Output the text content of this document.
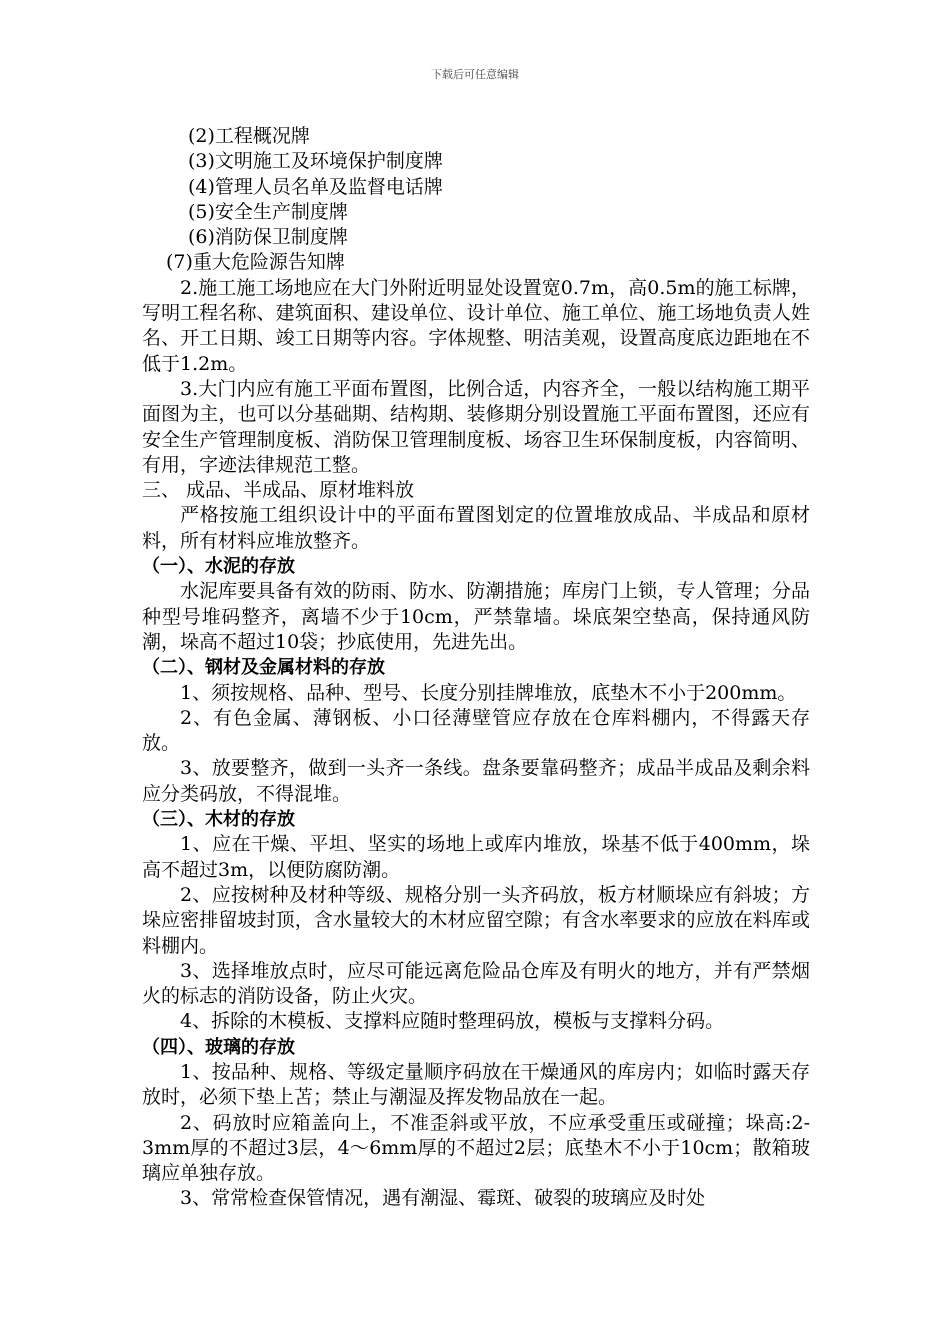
下载后可任意编辑
(2)工程概况牌
(3)文明施工及环境保护制度牌
(4)管理人员名单及监督电话牌
(5)安全生产制度牌
(6)消防保卫制度牌
(7)重大危险源告知牌
2.施工施工场地应在大门外附近明显处设置宽0.7m，高0.5m的施工标牌，写明工程名称、建筑面积、建设单位、设计单位、施工单位、施工场地负责人姓名、开工日期、竣工日期等内容。字体规整、明洁美观，设置高度底边距地在不低于1.2m。
3.大门内应有施工平面布置图，比例合适，内容齐全，一般以结构施工期平面图为主，也可以分基础期、结构期、装修期分别设置施工平面布置图，还应有安全生产管理制度板、消防保卫管理制度板、场容卫生环保制度板，内容简明、有用，字迹法律规范工整。
三、 成品、半成品、原材堆料放
严格按施工组织设计中的平面布置图划定的位置堆放成品、半成品和原材料，所有材料应堆放整齐。
（一）、水泥的存放
水泥库要具备有效的防雨、防水、防潮措施；库房门上锁，专人管理；分品种型号堆码整齐，离墙不少于10cm，严禁靠墙。垛底架空垫高，保持通风防潮，垛高不超过10袋；抄底使用，先进先出。
（二）、钢材及金属材料的存放
1、须按规格、品种、型号、长度分别挂牌堆放，底垫木不小于200mm。
2、有色金属、薄钢板、小口径薄壁管应存放在仓库料棚内，不得露天存放。
3、放要整齐，做到一头齐一条线。盘条要靠码整齐；成品半成品及剩余料应分类码放，不得混堆。
（三）、木材的存放
1、应在干燥、平坦、坚实的场地上或库内堆放，垛基不低于400mm，垛高不超过3m，以便防腐防潮。
2、应按树种及材种等级、规格分别一头齐码放，板方材顺垛应有斜坡；方垛应密排留坡封顶，含水量较大的木材应留空隙；有含水率要求的应放在料库或料棚内。
3、选择堆放点时，应尽可能远离危险品仓库及有明火的地方，并有严禁烟火的标志的消防设备，防止火灾。
4、拆除的木模板、支撑料应随时整理码放，模板与支撑料分码。
（四）、玻璃的存放
1、按品种、规格、等级定量顺序码放在干燥通风的库房内；如临时露天存放时，必须下垫上苫；禁止与潮湿及挥发物品放在一起。
2、码放时应箱盖向上，不准歪斜或平放，不应承受重压或碰撞；垛高:2-3mm厚的不超过3层，4～6mm厚的不超过2层；底垫木不小于10cm；散箱玻璃应单独存放。
3、常常检查保管情况，遇有潮湿、霉斑、破裂的玻璃应及时处
